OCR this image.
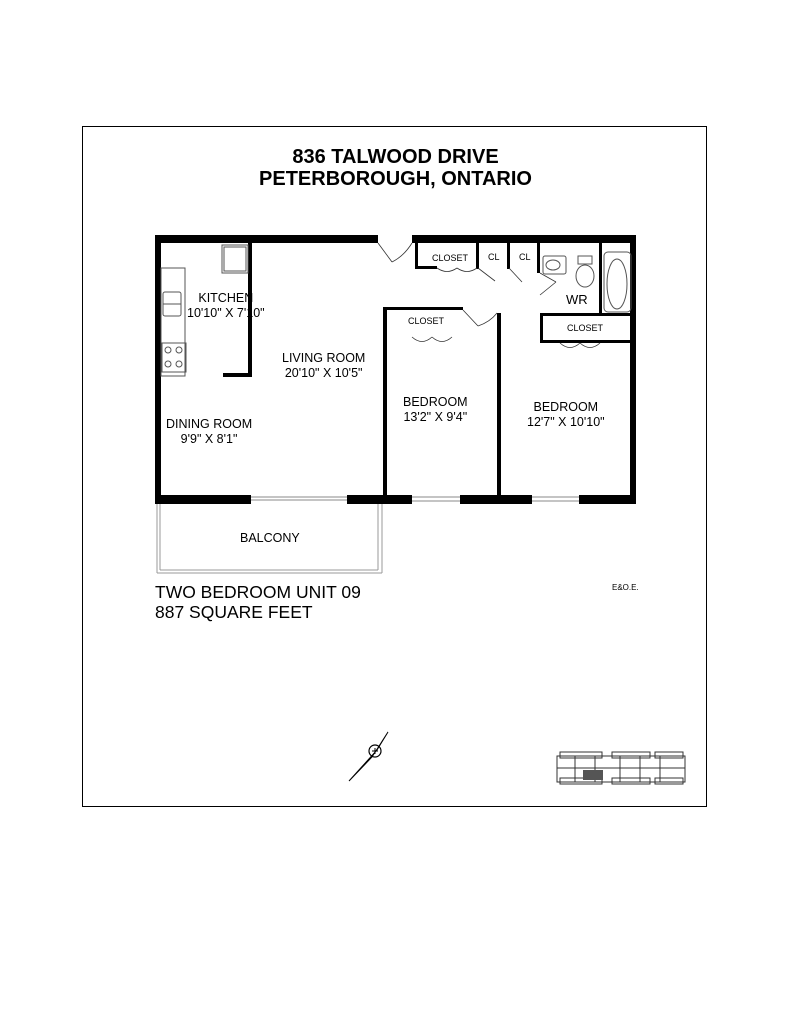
836 TALWOOD DRIVE
PETERBOROUGH, ONTARIO
KITCHEN
10'10" X 7'10"
LIVING ROOM
20'10" X 10'5"
DINING ROOM
9'9" X 8'1"
BEDROOM
13'2" X 9'4"
BEDROOM
12'7" X 10'10"
BALCONY
WR
CLOSET CL CL
CLOSET
CLOSET
TWO BEDROOM UNIT 09
887 SQUARE FEET
E&O.E.
